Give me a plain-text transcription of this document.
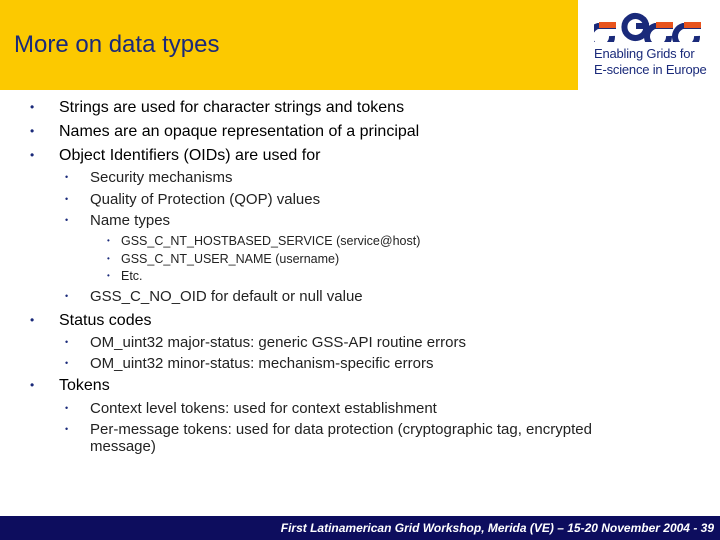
More on data types	Enabling Grids for
E-science in Europe
• Strings are used for character strings and tokens
• Names are an opaque representation of a principal
• Object Identifiers (OIDs) are used for
• Security mechanisms
• Quality of Protection (QOP) values
• Name types
• GSS_C_NT_HOSTBASED_SERVICE (service@host)
• GSS_C_NT_USER_NAME (username)
• Etc.
• GSS_C_NO_OID for default or null value
• Status codes
• OM_uint32 major-status: generic GSS-API routine errors
• OM_uint32 minor-status: mechanism-specific errors
• Tokens
• Context level tokens: used for context establishment
• Per-message tokens: used for data protection (cryptographic tag, encrypted
message)
First Latinamerican Grid Workshop, Merida (VE) – 15-20 November 2004 - 39
